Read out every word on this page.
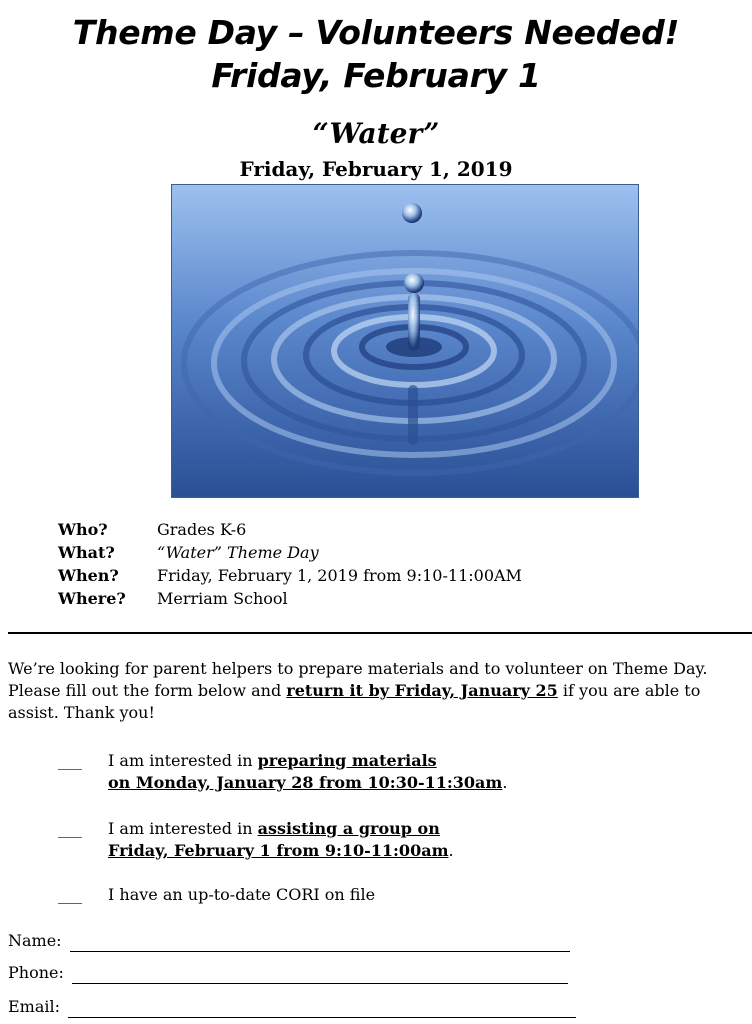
Theme Day – Volunteers Needed!
Friday, February 1
“Water”
Friday, February 1, 2019
Who?	Grades K-6
What?	“Water” Theme Day
When?	Friday, February 1, 2019 from 9:10-11:00AM
Where?	Merriam School
We’re looking for parent helpers to prepare materials and to volunteer on Theme Day. Please fill out the form below and return it by Friday, January 25 if you are able to assist. Thank you!
___	I am interested in preparing materials
on Monday, January 28 from 10:30-11:30am.
___	I am interested in assisting a group on
Friday, February 1 from 9:10-11:00am.
___	I have an up-to-date CORI on file
Name:
Phone:
Email:
